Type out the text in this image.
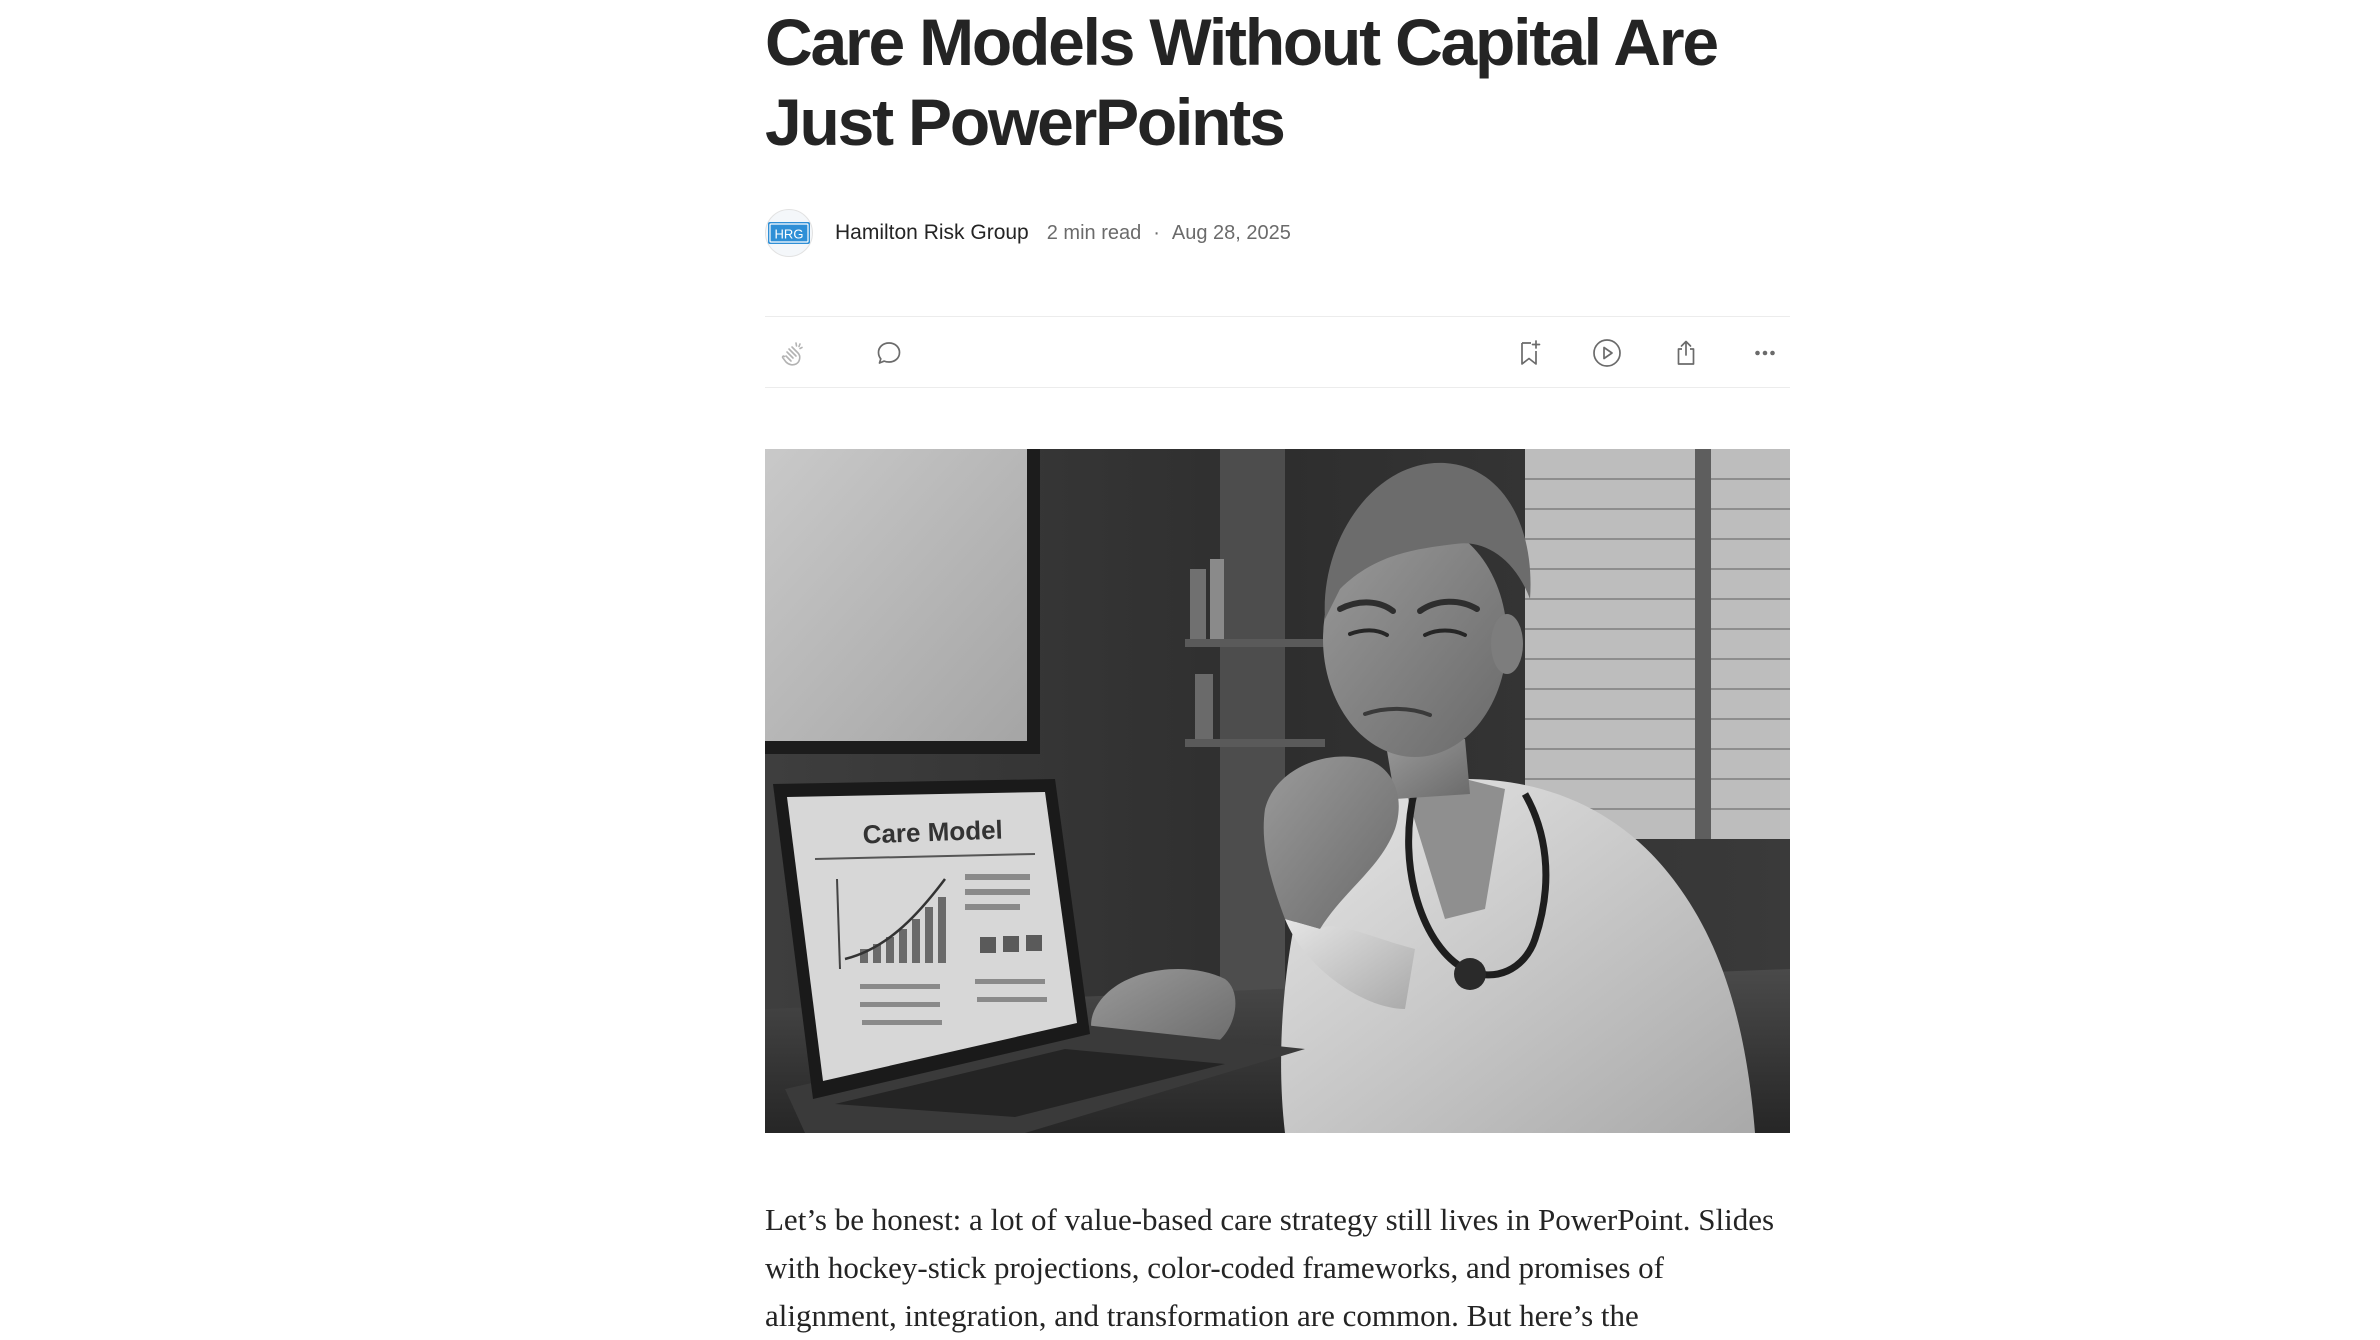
Care Models Without Capital Are Just PowerPoints
HRG Hamilton Risk Group 2 min read · Aug 28, 2025
Care Model

Let’s be honest: a lot of value-based care strategy still lives in PowerPoint. Slides with hockey-stick projections, color-coded frameworks, and promises of alignment, integration, and transformation are common. But here’s the
